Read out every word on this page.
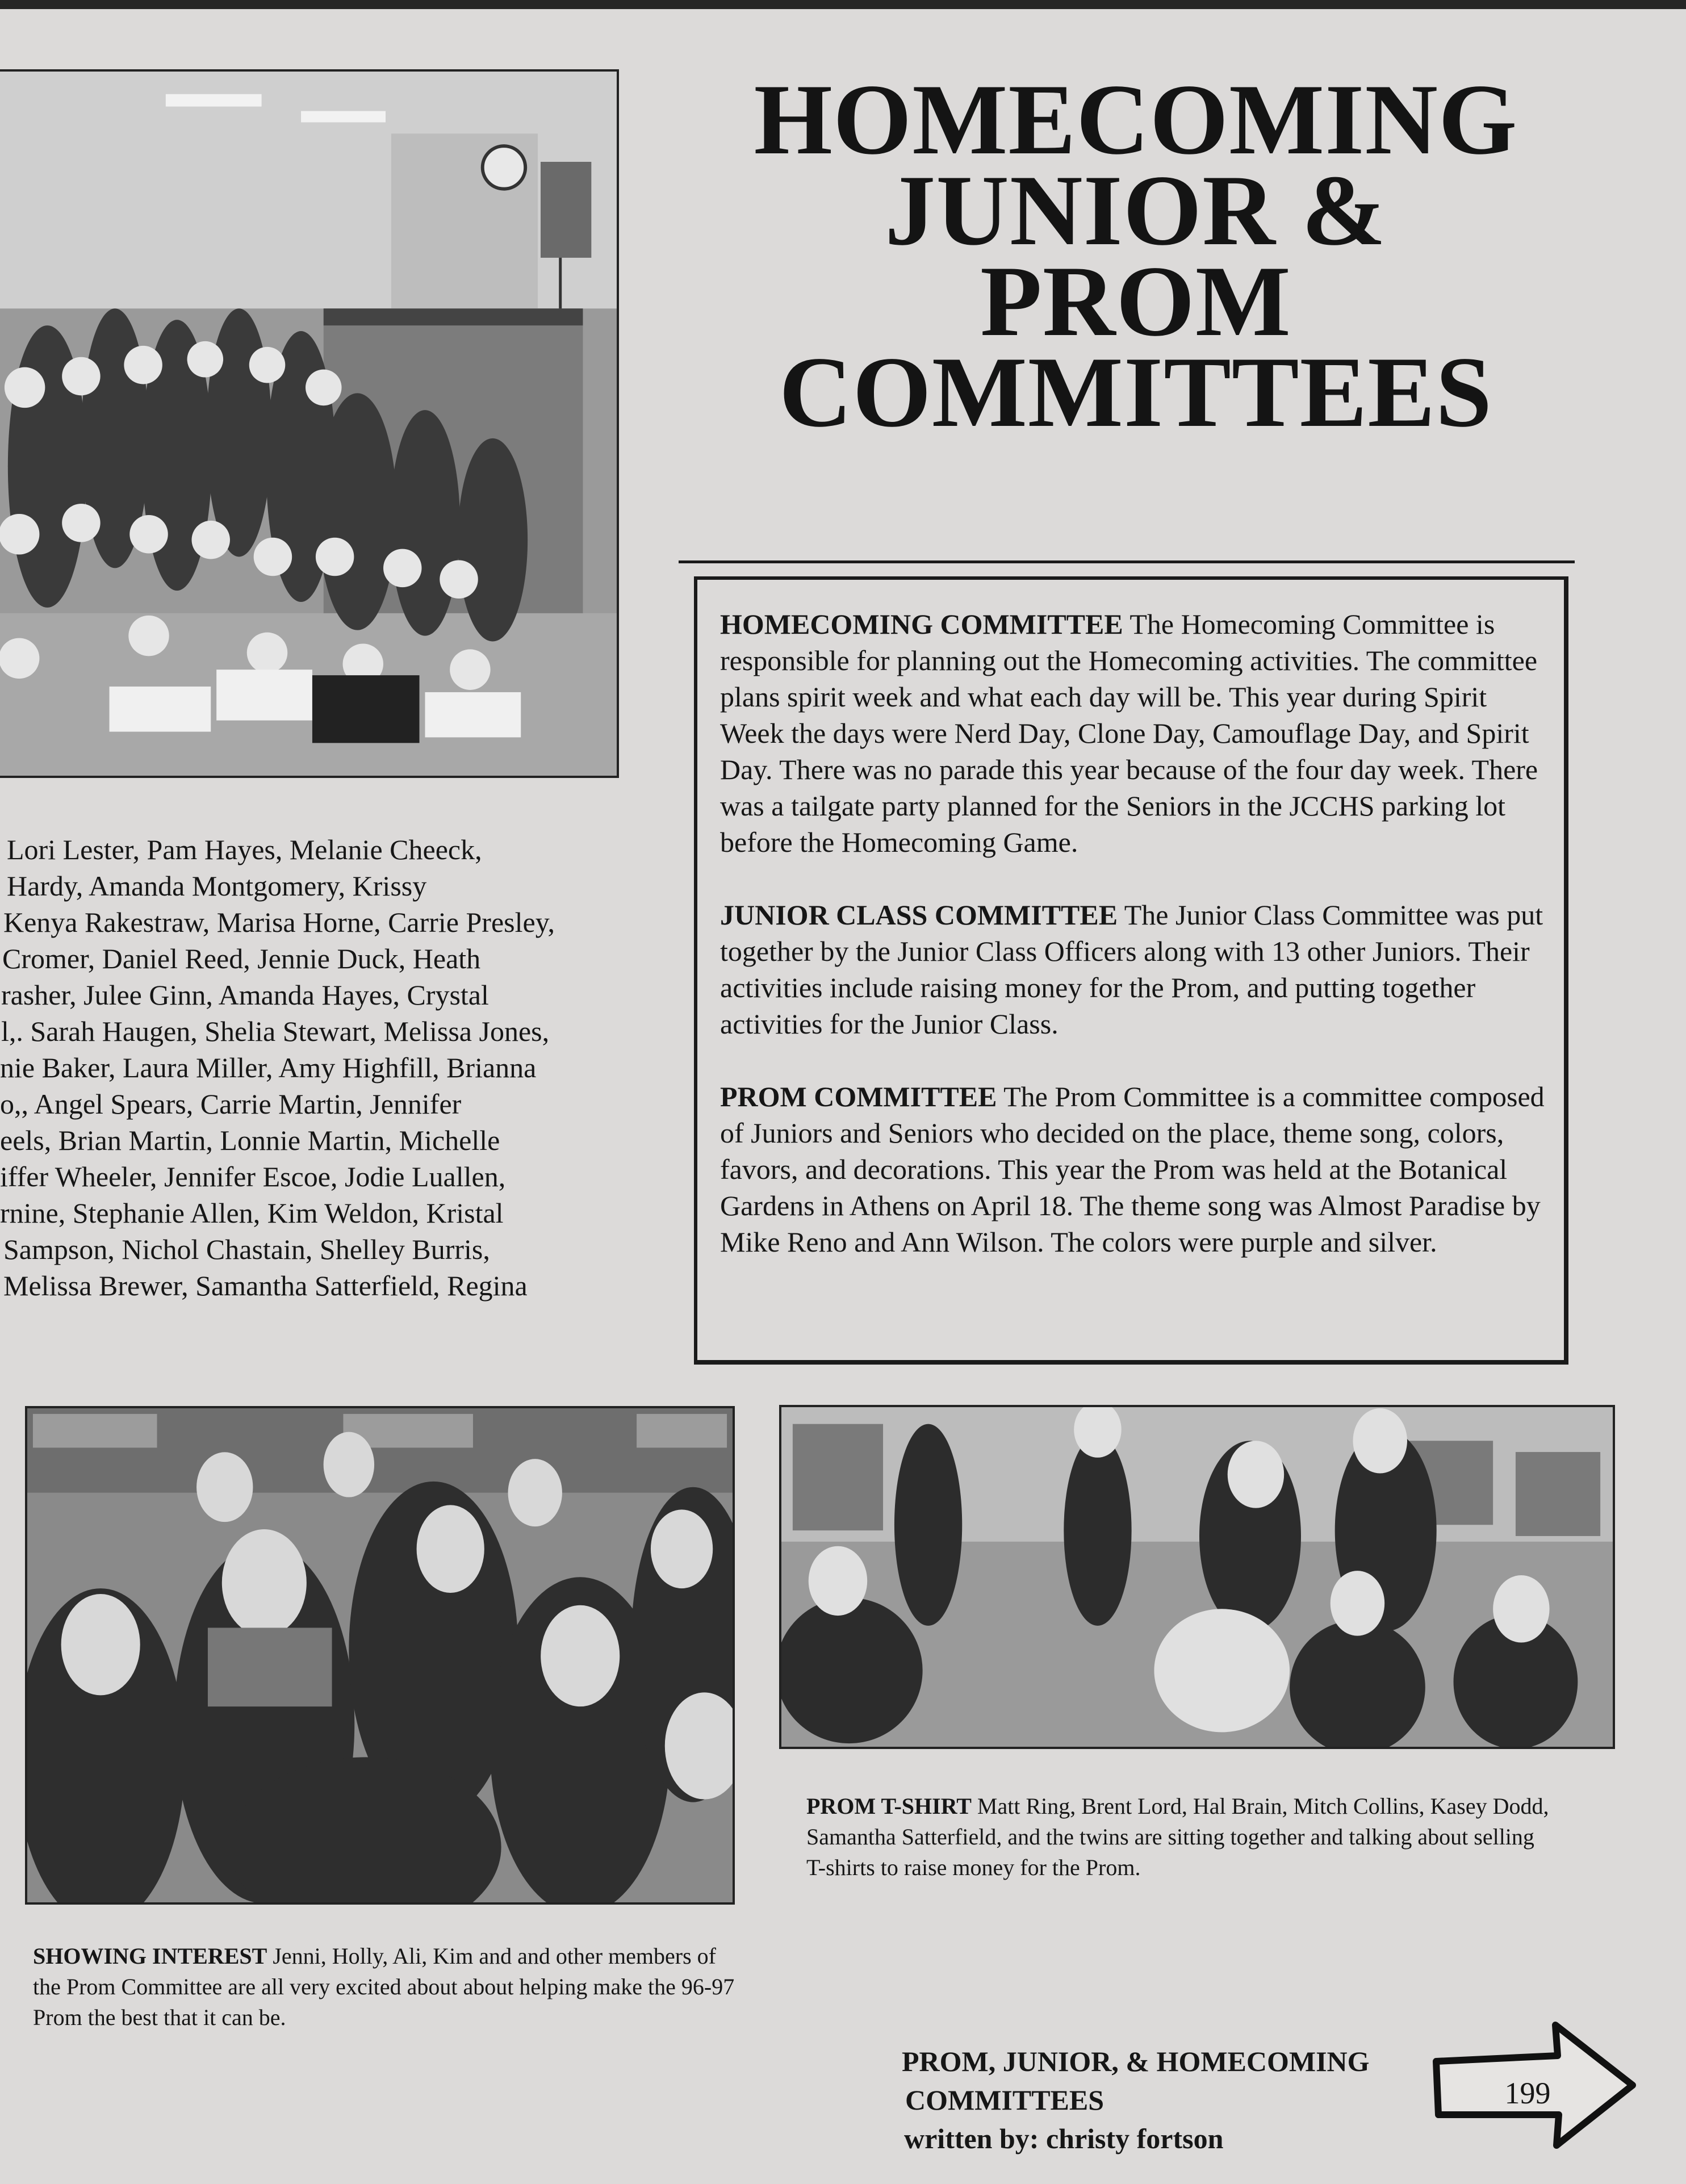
HOMECOMING
JUNIOR &
PROM
COMMITTEES

HOMECOMING COMMITTEE The Homecoming Committee is responsible for planning out the Homecoming activities. The committee plans spirit week and what each day will be. This year during Spirit Week the days were Nerd Day, Clone Day, Camouflage Day, and Spirit Day. There was no parade this year because of the four day week. There was a tailgate party planned for the Seniors in the JCCHS parking lot before the Homecoming Game.

JUNIOR CLASS COMMITTEE The Junior Class Committee was put together by the Junior Class Officers along with 13 other Juniors. Their activities include raising money for the Prom, and putting together activities for the Junior Class.

PROM COMMITTEE The Prom Committee is a committee composed of Juniors and Seniors who decided on the place, theme song, colors, favors, and decorations. This year the Prom was held at the Botanical Gardens in Athens on April 18. The theme song was Almost Paradise by Mike Reno and Ann Wilson. The colors were purple and silver.

Lori Lester, Pam Hayes, Melanie Cheeck,
Hardy, Amanda Montgomery, Krissy
Kenya Rakestraw, Marisa Horne, Carrie Presley,
Cromer, Daniel Reed, Jennie Duck, Heath
rasher, Julee Ginn, Amanda Hayes, Crystal
l,. Sarah Haugen, Shelia Stewart, Melissa Jones,
nie Baker, Laura Miller, Amy Highfill, Brianna
o,, Angel Spears, Carrie Martin, Jennifer
eels, Brian Martin, Lonnie Martin, Michelle
iffer Wheeler, Jennifer Escoe, Jodie Luallen,
rnine, Stephanie Allen, Kim Weldon, Kristal
Sampson, Nichol Chastain, Shelley Burris,
Melissa Brewer, Samantha Satterfield, Regina
PROM T-SHIRT Matt Ring, Brent Lord, Hal Brain, Mitch Collins, Kasey Dodd, Samantha Satterfield, and the twins are sitting together and talking about selling T-shirts to raise money for the Prom.
SHOWING INTEREST Jenni, Holly, Ali, Kim and and other members of the Prom Committee are all very excited about about helping make the 96-97 Prom the best that it can be.
PROM, JUNIOR, & HOMECOMING
COMMITTEES
written by: christy fortson
199
